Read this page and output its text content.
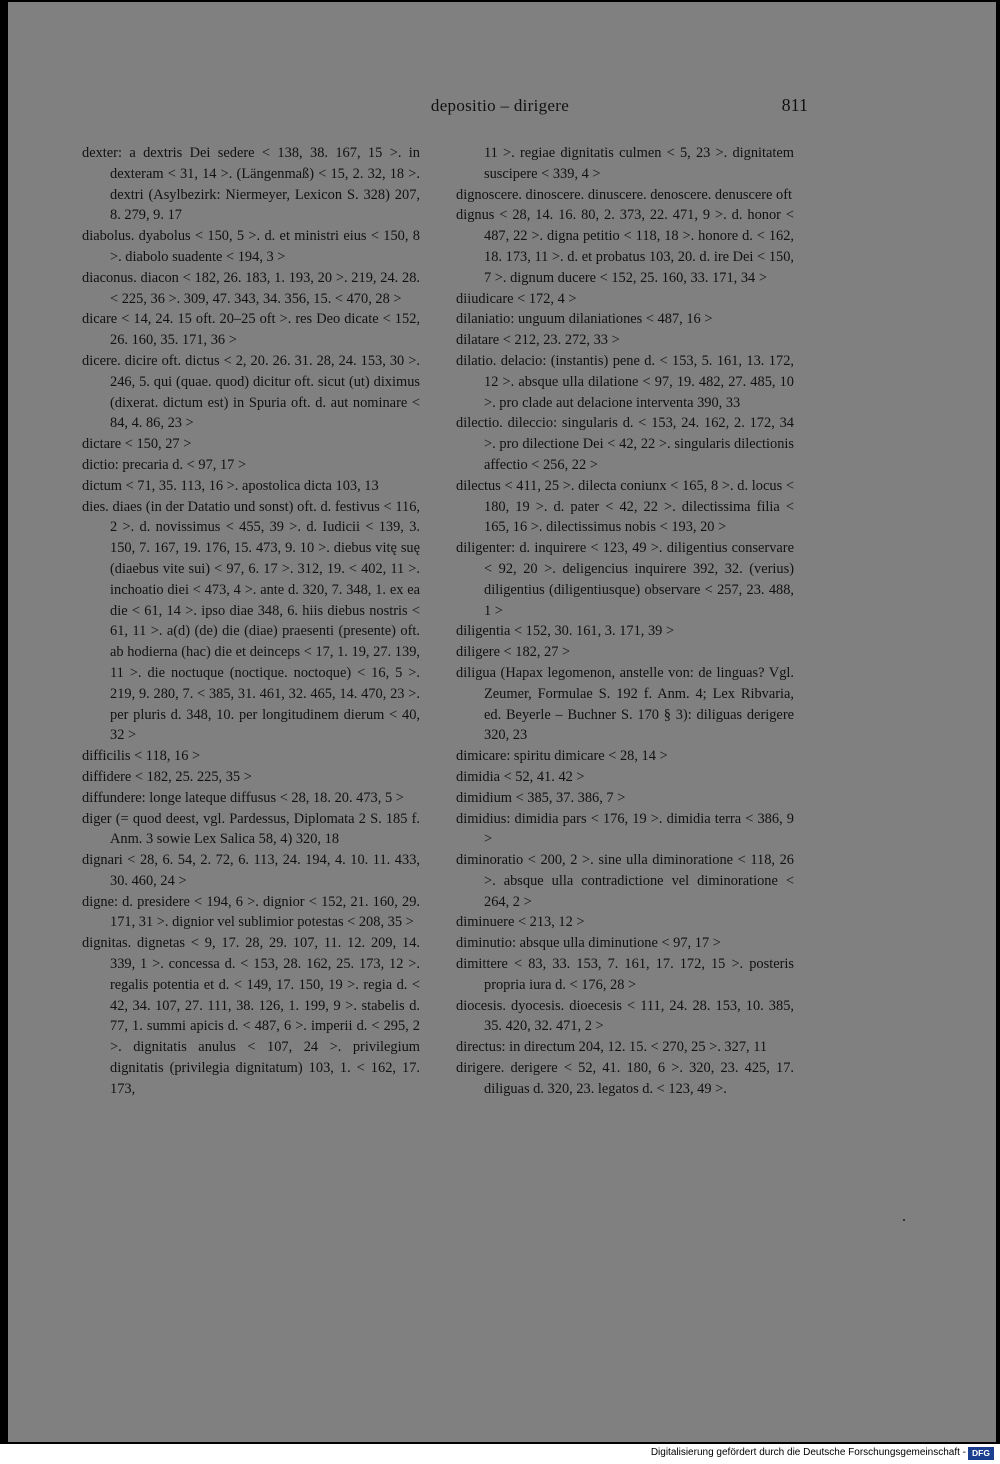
depositio – dirigere	811

dexter: a dextris Dei sedere < 138, 38. 167, 15 >. in dexteram < 31, 14 >. (Längenmaß) < 15, 2. 32, 18 >. dextri (Asylbezirk: Niermeyer, Lexicon S. 328) 207, 8. 279, 9. 17

diabolus. dyabolus < 150, 5 >. d. et ministri eius < 150, 8 >. diabolo suadente < 194, 3 >

diaconus. diacon < 182, 26. 183, 1. 193, 20 >. 219, 24. 28. < 225, 36 >. 309, 47. 343, 34. 356, 15. < 470, 28 >

dicare < 14, 24. 15 oft. 20–25 oft >. res Deo dicate < 152, 26. 160, 35. 171, 36 >

dicere. dicire oft. dictus < 2, 20. 26. 31. 28, 24. 153, 30 >. 246, 5. qui (quae. quod) dicitur oft. sicut (ut) diximus (dixerat. dictum est) in Spuria oft. d. aut nominare < 84, 4. 86, 23 >

dictare < 150, 27 >

dictio: precaria d. < 97, 17 >

dictum < 71, 35. 113, 16 >. apostolica dicta 103, 13

dies. diaes (in der Datatio und sonst) oft. d. festivus < 116, 2 >. d. novissimus < 455, 39 >. d. Iudicii < 139, 3. 150, 7. 167, 19. 176, 15. 473, 9. 10 >. diebus vitę suę (diaebus vite sui) < 97, 6. 17 >. 312, 19. < 402, 11 >. inchoatio diei < 473, 4 >. ante d. 320, 7. 348, 1. ex ea die < 61, 14 >. ipso diae 348, 6. hiis diebus nostris < 61, 11 >. a(d) (de) die (diae) praesenti (presente) oft. ab hodierna (hac) die et deinceps < 17, 1. 19, 27. 139, 11 >. die noctuque (noctique. noctoque) < 16, 5 >. 219, 9. 280, 7. < 385, 31. 461, 32. 465, 14. 470, 23 >. per pluris d. 348, 10. per longitudinem dierum < 40, 32 >

difficilis < 118, 16 >

diffidere < 182, 25. 225, 35 >

diffundere: longe lateque diffusus < 28, 18. 20. 473, 5 >

diger (= quod deest, vgl. Pardessus, Diplomata 2 S. 185 f. Anm. 3 sowie Lex Salica 58, 4) 320, 18

dignari < 28, 6. 54, 2. 72, 6. 113, 24. 194, 4. 10. 11. 433, 30. 460, 24 >

digne: d. presidere < 194, 6 >. dignior < 152, 21. 160, 29. 171, 31 >. dignior vel sublimior potestas < 208, 35 >

dignitas. dignetas < 9, 17. 28, 29. 107, 11. 12. 209, 14. 339, 1 >. concessa d. < 153, 28. 162, 25. 173, 12 >. regalis potentia et d. < 149, 17. 150, 19 >. regia d. < 42, 34. 107, 27. 111, 38. 126, 1. 199, 9 >. stabelis d. 77, 1. summi apicis d. < 487, 6 >. imperii d. < 295, 2 >. dignitatis anulus < 107, 24 >. privilegium dignitatis (privilegia dignitatum) 103, 1. < 162, 17. 173,

11 >. regiae dignitatis culmen < 5, 23 >. dignitatem suscipere < 339, 4 >

dignoscere. dinoscere. dinuscere. denoscere. denuscere oft

dignus < 28, 14. 16. 80, 2. 373, 22. 471, 9 >. d. honor < 487, 22 >. digna petitio < 118, 18 >. honore d. < 162, 18. 173, 11 >. d. et probatus 103, 20. d. ire Dei < 150, 7 >. dignum ducere < 152, 25. 160, 33. 171, 34 >

diiudicare < 172, 4 >

dilaniatio: unguum dilaniationes < 487, 16 >

dilatare < 212, 23. 272, 33 >

dilatio. delacio: (instantis) pene d. < 153, 5. 161, 13. 172, 12 >. absque ulla dilatione < 97, 19. 482, 27. 485, 10 >. pro clade aut delacione interventa 390, 33

dilectio. dileccio: singularis d. < 153, 24. 162, 2. 172, 34 >. pro dilectione Dei < 42, 22 >. singularis dilectionis affectio < 256, 22 >

dilectus < 411, 25 >. dilecta coniunx < 165, 8 >. d. locus < 180, 19 >. d. pater < 42, 22 >. dilectissima filia < 165, 16 >. dilectissimus nobis < 193, 20 >

diligenter: d. inquirere < 123, 49 >. diligentius conservare < 92, 20 >. deligencius inquirere 392, 32. (verius) diligentius (diligentiusque) observare < 257, 23. 488, 1 >

diligentia < 152, 30. 161, 3. 171, 39 >

diligere < 182, 27 >

diligua (Hapax legomenon, anstelle von: de linguas? Vgl. Zeumer, Formulae S. 192 f. Anm. 4; Lex Ribvaria, ed. Beyerle – Buchner S. 170 § 3): diliguas derigere 320, 23

dimicare: spiritu dimicare < 28, 14 >

dimidia < 52, 41. 42 >

dimidium < 385, 37. 386, 7 >

dimidius: dimidia pars < 176, 19 >. dimidia terra < 386, 9 >

diminoratio < 200, 2 >. sine ulla diminoratione < 118, 26 >. absque ulla contradictione vel diminoratione < 264, 2 >

diminuere < 213, 12 >

diminutio: absque ulla diminutione < 97, 17 >

dimittere < 83, 33. 153, 7. 161, 17. 172, 15 >. posteris propria iura d. < 176, 28 >

diocesis. dyocesis. dioecesis < 111, 24. 28. 153, 10. 385, 35. 420, 32. 471, 2 >

directus: in directum 204, 12. 15. < 270, 25 >. 327, 11

dirigere. derigere < 52, 41. 180, 6 >. 320, 23. 425, 17. diliguas d. 320, 23. legatos d. < 123, 49 >.

Digitalisierung gefördert durch die Deutsche Forschungsgemeinschaft - DFG
